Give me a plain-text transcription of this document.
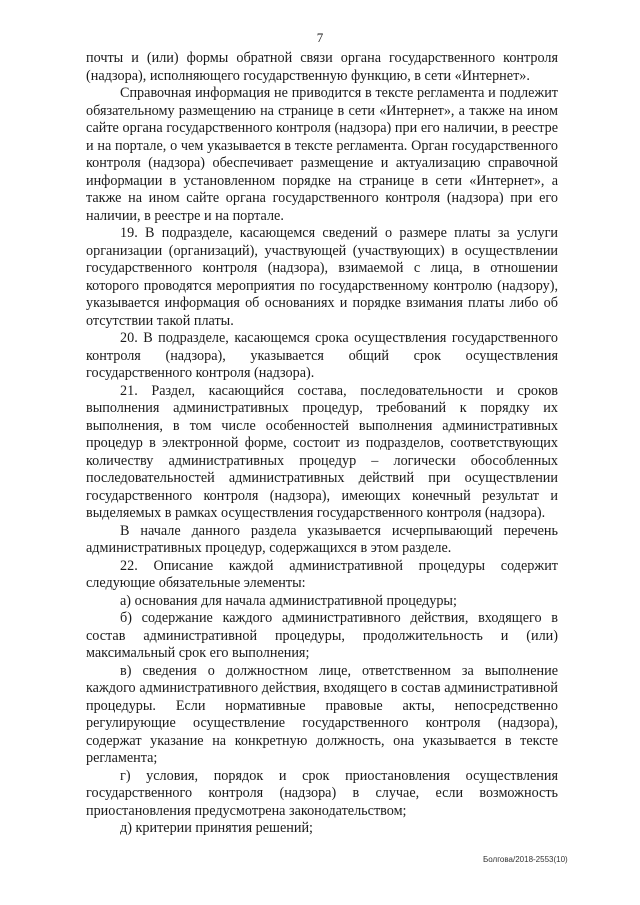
7

почты и (или) формы обратной связи органа государственного контроля (надзора), исполняющего государственную функцию, в сети «Интернет».

Справочная информация не приводится в тексте регламента и подлежит обязательному размещению на странице в сети «Интернет», а также на ином сайте органа государственного контроля (надзора) при его наличии, в реестре и на портале, о чем указывается в тексте регламента. Орган государственного контроля (надзора) обеспечивает размещение и актуализацию справочной информации в установленном порядке на странице в сети «Интернет», а также на ином сайте органа государственного контроля (надзора) при его наличии, в реестре и на портале.

19. В подразделе, касающемся сведений о размере платы за услуги организации (организаций), участвующей (участвующих) в осуществлении государственного контроля (надзора), взимаемой с лица, в отношении которого проводятся мероприятия по государственному контролю (надзору), указывается информация об основаниях и порядке взимания платы либо об отсутствии такой платы.

20. В подразделе, касающемся срока осуществления государственного контроля (надзора), указывается общий срок осуществления государственного контроля (надзора).

21. Раздел, касающийся состава, последовательности и сроков выполнения административных процедур, требований к порядку их выполнения, в том числе особенностей выполнения административных процедур в электронной форме, состоит из подразделов, соответствующих количеству административных процедур – логически обособленных последовательностей административных действий при осуществлении государственного контроля (надзора), имеющих конечный результат и выделяемых в рамках осуществления государственного контроля (надзора).

В начале данного раздела указывается исчерпывающий перечень административных процедур, содержащихся в этом разделе.

22. Описание каждой административной процедуры содержит следующие обязательные элементы:

а) основания для начала административной процедуры;

б) содержание каждого административного действия, входящего в состав административной процедуры, продолжительность и (или) максимальный срок его выполнения;

в) сведения о должностном лице, ответственном за выполнение каждого административного действия, входящего в состав административной процедуры. Если нормативные правовые акты, непосредственно регулирующие осуществление государственного контроля (надзора), содержат указание на конкретную должность, она указывается в тексте регламента;

г) условия, порядок и срок приостановления осуществления государственного контроля (надзора) в случае, если возможность приостановления предусмотрена законодательством;

д) критерии принятия решений;

Болгова/2018-2553(10)
